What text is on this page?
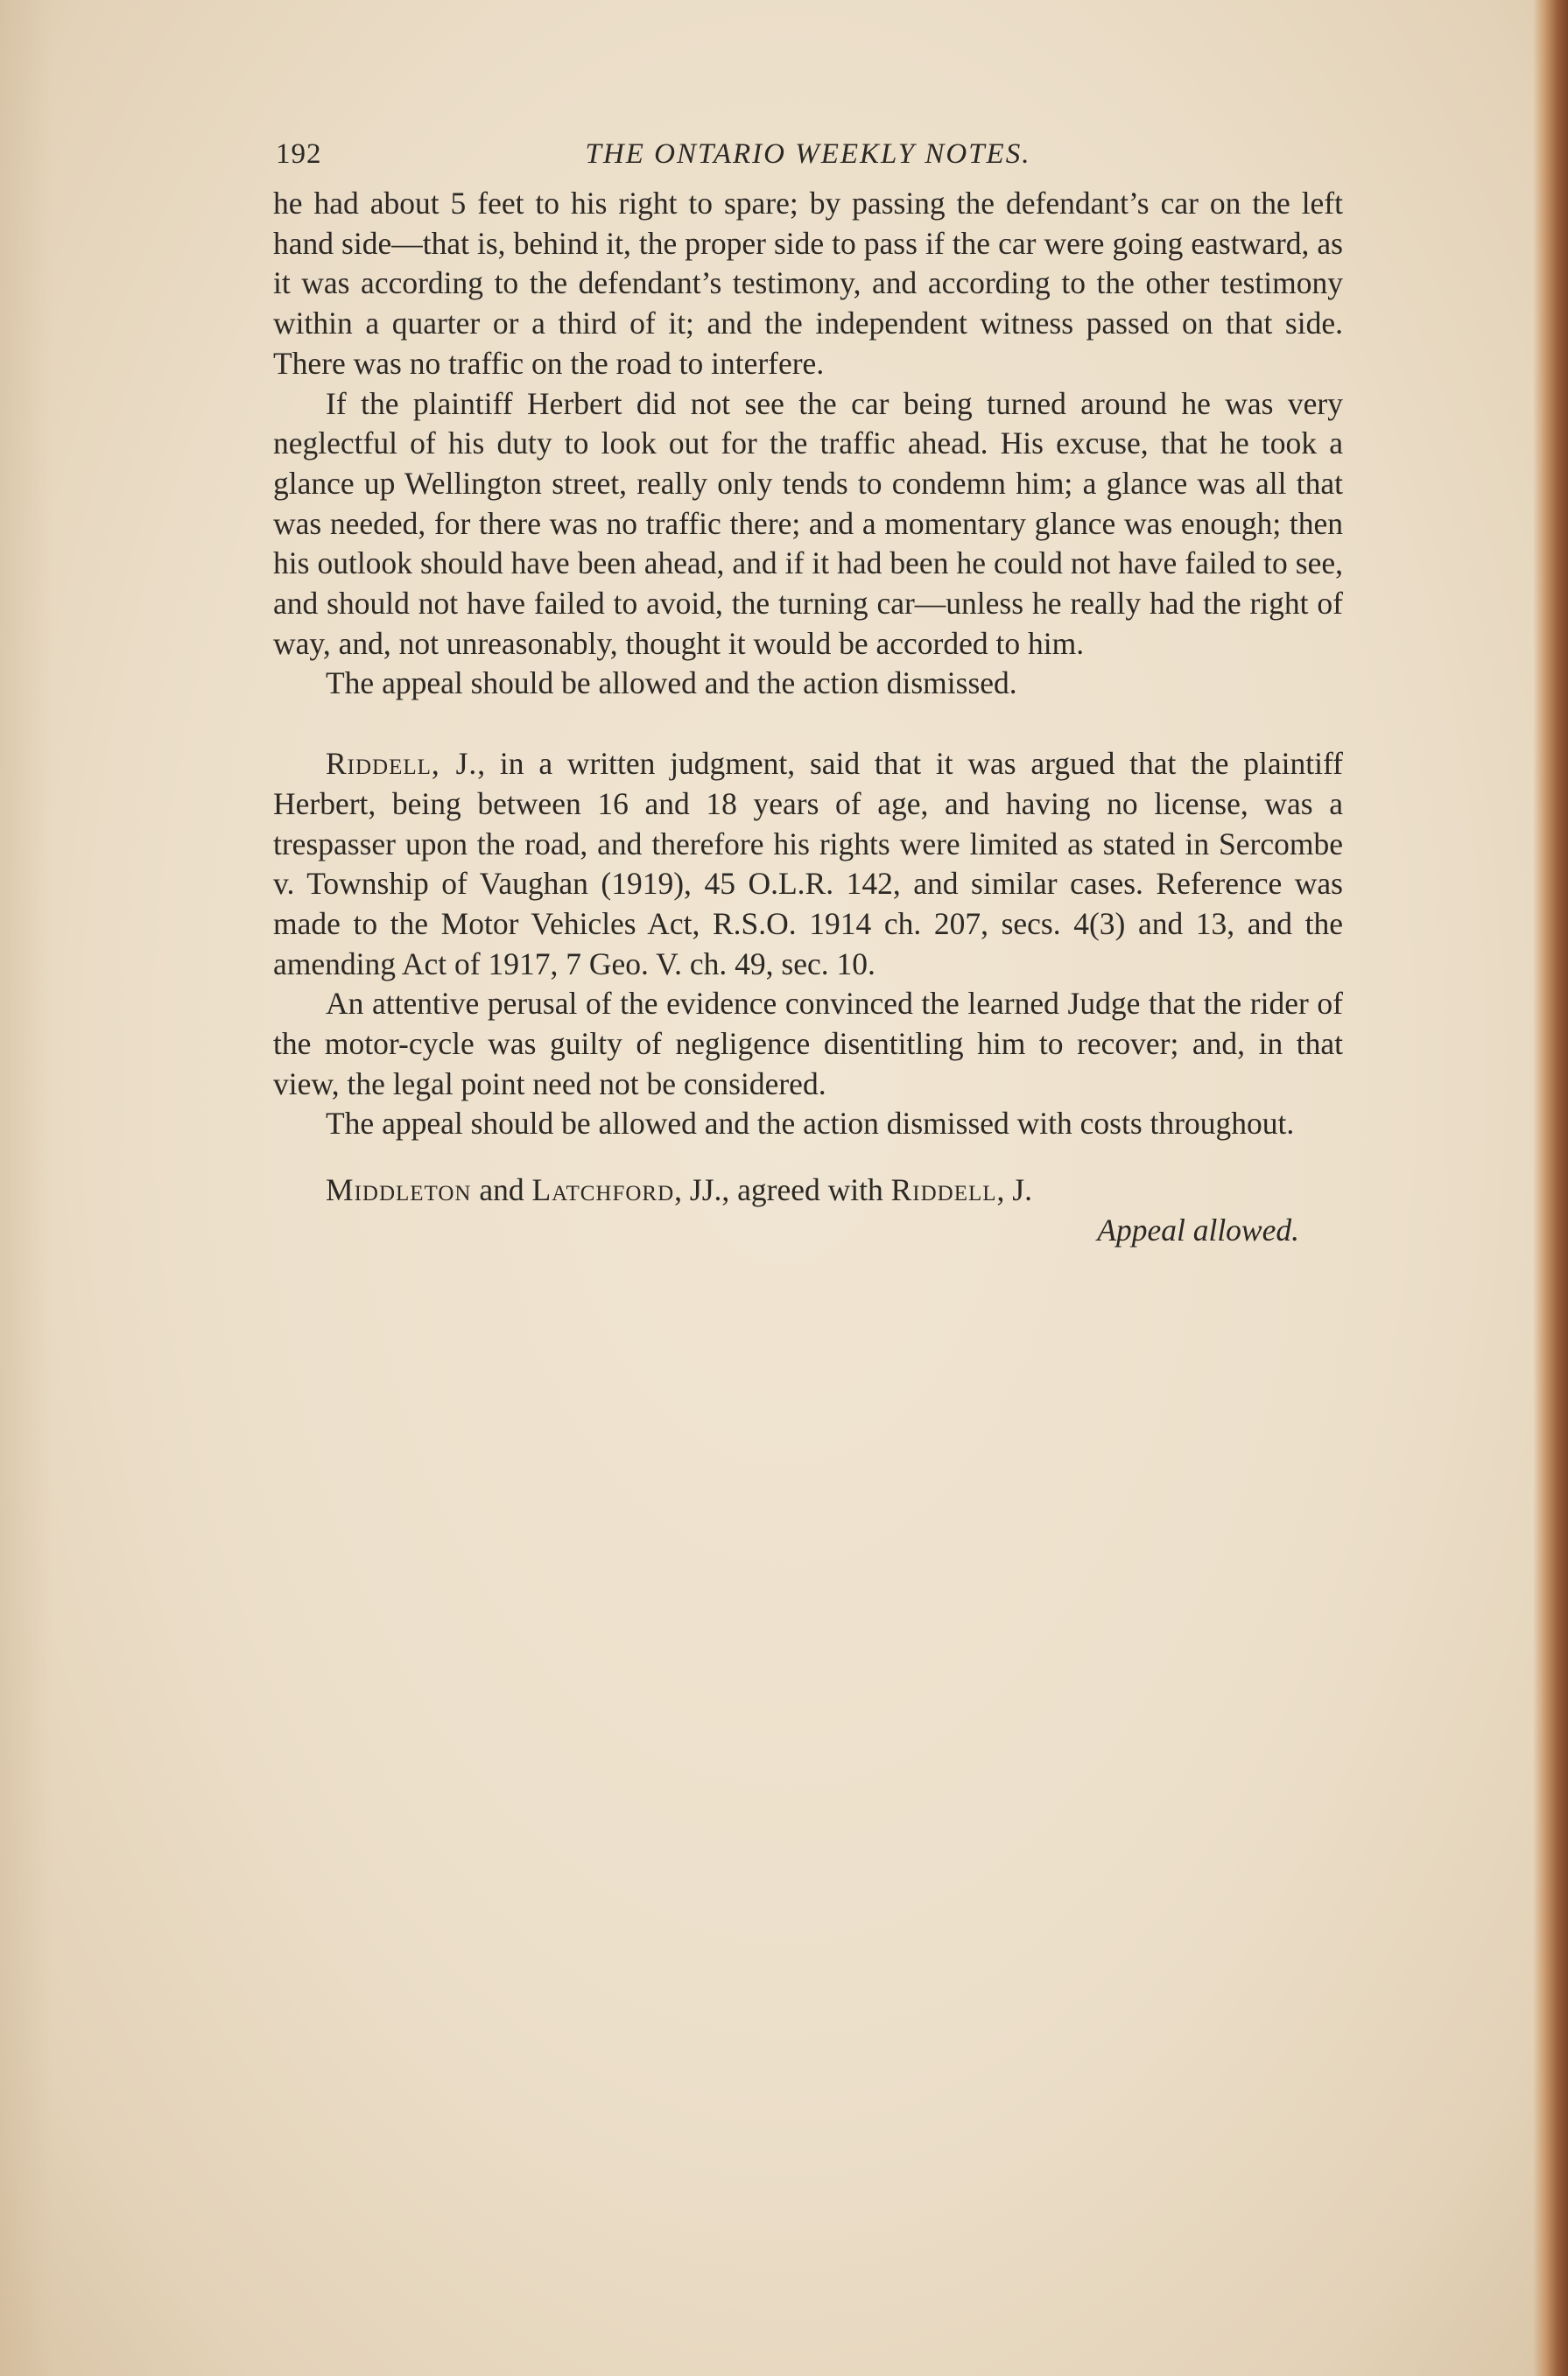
192	THE ONTARIO WEEKLY NOTES.

he had about 5 feet to his right to spare; by passing the defendant’s car on the left hand side—that is, behind it, the proper side to pass if the car were going eastward, as it was according to the defendant’s testimony, and according to the other testimony within a quarter or a third of it; and the independent witness passed on that side. There was no traffic on the road to interfere.

If the plaintiff Herbert did not see the car being turned around he was very neglectful of his duty to look out for the traffic ahead. His excuse, that he took a glance up Wellington street, really only tends to condemn him; a glance was all that was needed, for there was no traffic there; and a momentary glance was enough; then his outlook should have been ahead, and if it had been he could not have failed to see, and should not have failed to avoid, the turning car—unless he really had the right of way, and, not unreasonably, thought it would be accorded to him.

The appeal should be allowed and the action dismissed.

Riddell, J., in a written judgment, said that it was argued that the plaintiff Herbert, being between 16 and 18 years of age, and having no license, was a trespasser upon the road, and therefore his rights were limited as stated in Sercombe v. Township of Vaughan (1919), 45 O.L.R. 142, and similar cases. Reference was made to the Motor Vehicles Act, R.S.O. 1914 ch. 207, secs. 4(3) and 13, and the amending Act of 1917, 7 Geo. V. ch. 49, sec. 10.

An attentive perusal of the evidence convinced the learned Judge that the rider of the motor-cycle was guilty of negligence disentitling him to recover; and, in that view, the legal point need not be considered.

The appeal should be allowed and the action dismissed with costs throughout.

Middleton and Latchford, JJ., agreed with Riddell, J.

Appeal allowed.
